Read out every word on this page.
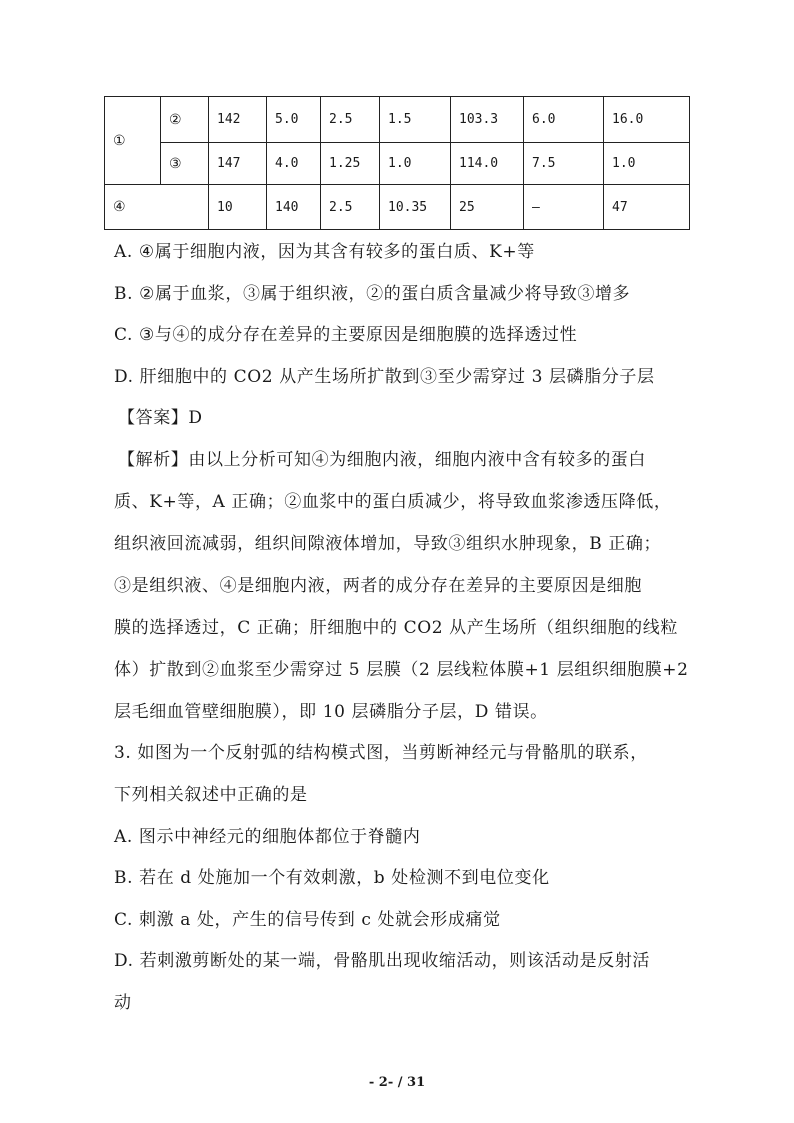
①	②	142	5.0	2.5	1.5	103.3	6.0	16.0
	③	147	4.0	1.25	1.0	114.0	7.5	1.0
④		10	140	2.5	10.35	25	—	47
A. ④属于细胞内液，因为其含有较多的蛋白质、K+等
B. ②属于血浆，③属于组织液，②的蛋白质含量减少将导致③增多
C. ③与④的成分存在差异的主要原因是细胞膜的选择透过性
D. 肝细胞中的 CO2 从产生场所扩散到③至少需穿过 3 层磷脂分子层
【答案】D
【解析】由以上分析可知④为细胞内液，细胞内液中含有较多的蛋白
质、K+等，A 正确；②血浆中的蛋白质减少，将导致血浆渗透压降低，
组织液回流减弱，组织间隙液体增加，导致③组织水肿现象，B 正确；
③是组织液、④是细胞内液，两者的成分存在差异的主要原因是细胞
膜的选择透过，C 正确；肝细胞中的 CO2 从产生场所（组织细胞的线粒
体）扩散到②血浆至少需穿过 5 层膜（2 层线粒体膜+1 层组织细胞膜+2
层毛细血管壁细胞膜），即 10 层磷脂分子层，D 错误。
3. 如图为一个反射弧的结构模式图，当剪断神经元与骨骼肌的联系，
下列相关叙述中正确的是
A. 图示中神经元的细胞体都位于脊髓内
B. 若在 d 处施加一个有效刺激，b 处检测不到电位变化
C. 刺激 a 处，产生的信号传到 c 处就会形成痛觉
D. 若刺激剪断处的某一端，骨骼肌出现收缩活动，则该活动是反射活
动
- 2- / 31
